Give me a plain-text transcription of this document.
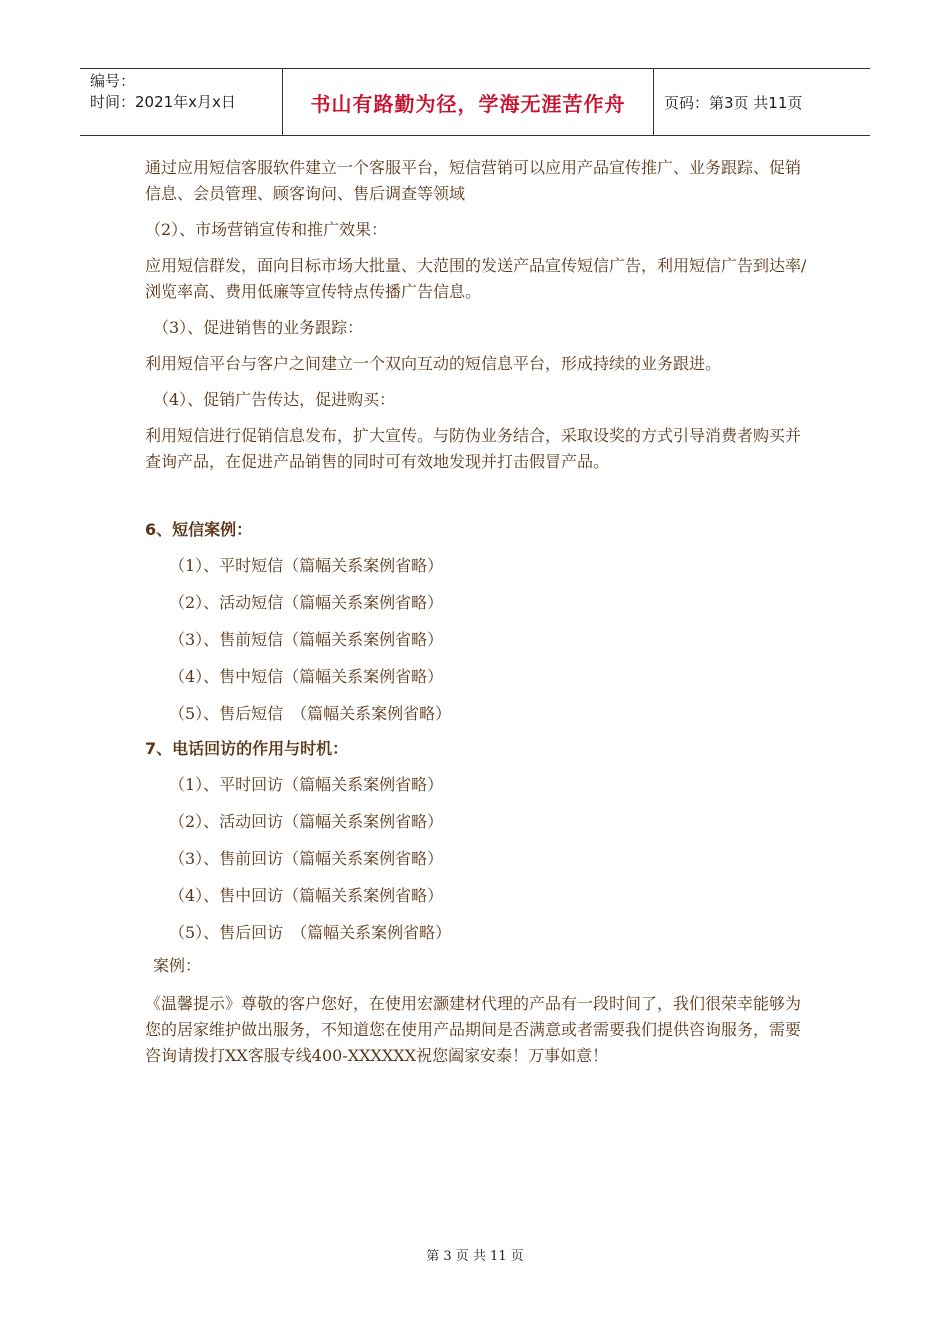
编号：
时间：2021年x月x日	书山有路勤为径，学海无涯苦作舟	页码：第3页 共11页

通过应用短信客服软件建立一个客服平台，短信营销可以应用产品宣传推广、业务跟踪、促销信息、会员管理、顾客询问、售后调查等领域

（2）、市场营销宣传和推广效果：

应用短信群发，面向目标市场大批量、大范围的发送产品宣传短信广告，利用短信广告到达率/浏览率高、费用低廉等宣传特点传播广告信息。

（3）、促进销售的业务跟踪：

利用短信平台与客户之间建立一个双向互动的短信息平台，形成持续的业务跟进。

（4）、促销广告传达，促进购买：

利用短信进行促销信息发布，扩大宣传。与防伪业务结合，采取设奖的方式引导消费者购买并查询产品，在促进产品销售的同时可有效地发现并打击假冒产品。

6、短信案例：
（1）、平时短信（篇幅关系案例省略）
（2）、活动短信（篇幅关系案例省略）
（3）、售前短信（篇幅关系案例省略）
（4）、售中短信（篇幅关系案例省略）
（5）、售后短信　（篇幅关系案例省略）
7、电话回访的作用与时机：
（1）、平时回访（篇幅关系案例省略）
（2）、活动回访（篇幅关系案例省略）
（3）、售前回访（篇幅关系案例省略）
（4）、售中回访（篇幅关系案例省略）
（5）、售后回访　（篇幅关系案例省略）

案例：

《温馨提示》尊敬的客户您好，在使用宏灏建材代理的产品有一段时间了，我们很荣幸能够为您的居家维护做出服务，不知道您在使用产品期间是否满意或者需要我们提供咨询服务，需要咨询请拨打XX客服专线400-XXXXXX祝您阖家安泰！万事如意！

第 3 页 共 11 页
